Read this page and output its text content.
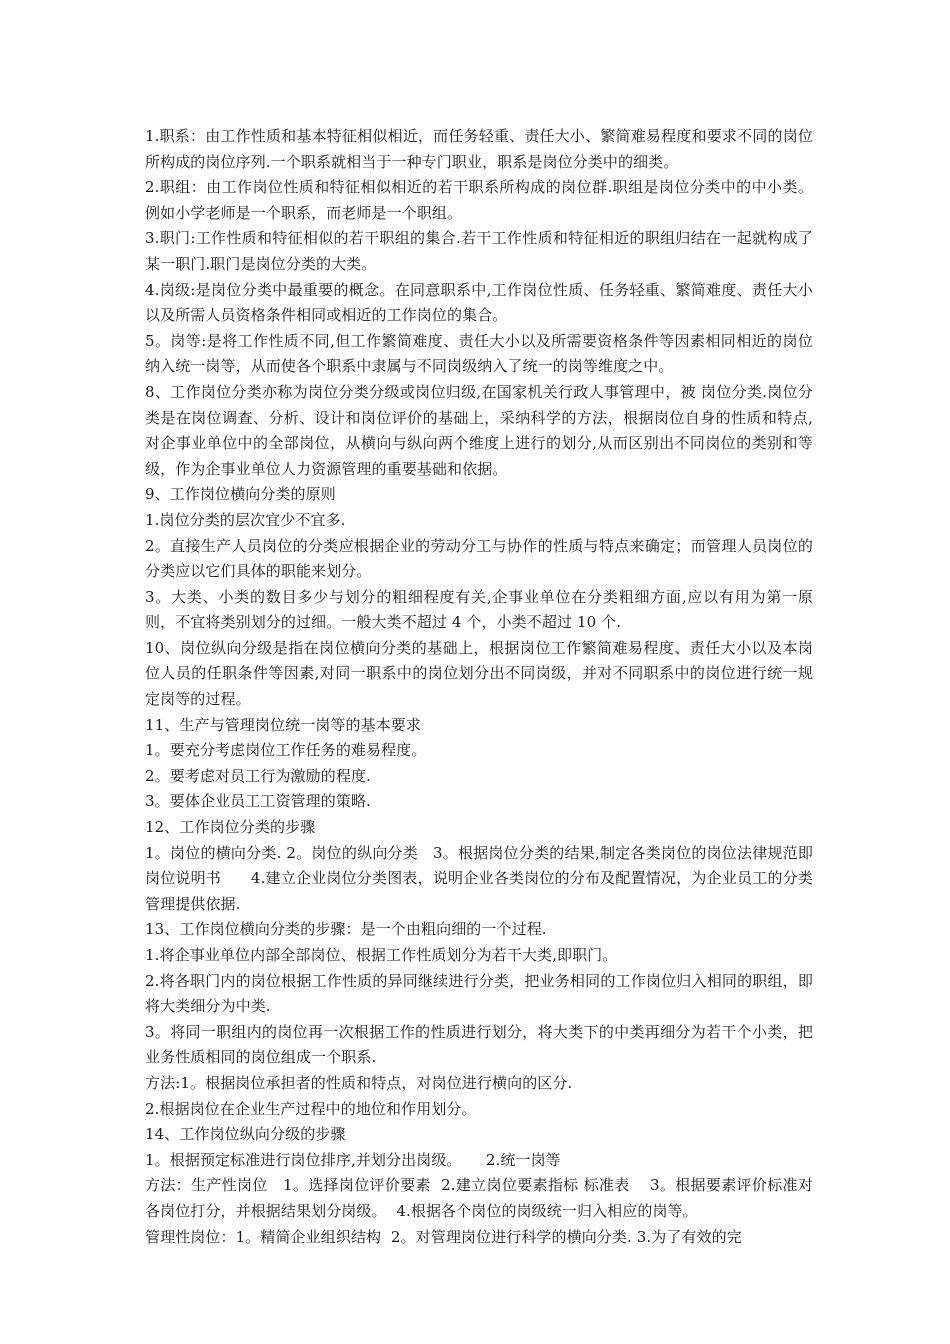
1.职系：由工作性质和基本特征相似相近，而任务轻重、责任大小、繁简难易程度和要求不同的岗位所构成的岗位序列.一个职系就相当于一种专门职业，职系是岗位分类中的细类。

2.职组：由工作岗位性质和特征相似相近的若干职系所构成的岗位群.职组是岗位分类中的中小类。例如小学老师是一个职系，而老师是一个职组。

3.职门:工作性质和特征相似的若干职组的集合.若干工作性质和特征相近的职组归结在一起就构成了某一职门.职门是岗位分类的大类。

4.岗级:是岗位分类中最重要的概念。在同意职系中,工作岗位性质、任务轻重、繁简难度、责任大小以及所需人员资格条件相同或相近的工作岗位的集合。

5。岗等:是将工作性质不同,但工作繁简难度、责任大小以及所需要资格条件等因素相同相近的岗位纳入统一岗等，从而使各个职系中隶属与不同岗级纳入了统一的岗等维度之中。

8、工作岗位分类亦称为岗位分类分级或岗位归级,在国家机关行政人事管理中，被 岗位分类.岗位分类是在岗位调查、分析、设计和岗位评价的基础上，采纳科学的方法，根据岗位自身的性质和特点,对企事业单位中的全部岗位，从横向与纵向两个维度上进行的划分,从而区别出不同岗位的类别和等级，作为企事业单位人力资源管理的重要基础和依据。

9、工作岗位横向分类的原则

1.岗位分类的层次宜少不宜多.

2。直接生产人员岗位的分类应根据企业的劳动分工与协作的性质与特点来确定；而管理人员岗位的分类应以它们具体的职能来划分。

3。大类、小类的数目多少与划分的粗细程度有关,企事业单位在分类粗细方面,应以有用为第一原则，不宜将类别划分的过细。一般大类不超过 4 个，小类不超过 10 个.

10、岗位纵向分级是指在岗位横向分类的基础上，根据岗位工作繁简难易程度、责任大小以及本岗位人员的任职条件等因素,对同一职系中的岗位划分出不同岗级，并对不同职系中的岗位进行统一规定岗等的过程。

11、生产与管理岗位统一岗等的基本要求

1。要充分考虑岗位工作任务的难易程度。

2。要考虑对员工行为激励的程度.

3。要体企业员工工资管理的策略.

12、工作岗位分类的步骤

1。岗位的横向分类. 2。岗位的纵向分类   3。根据岗位分类的结果,制定各类岗位的岗位法律规范即岗位说明书      4.建立企业岗位分类图表，说明企业各类岗位的分布及配置情况，为企业员工的分类管理提供依据.

13、工作岗位横向分类的步骤：是一个由粗向细的一个过程.

1.将企事业单位内部全部岗位、根据工作性质划分为若干大类,即职门。

2.将各职门内的岗位根据工作性质的异同继续进行分类，把业务相同的工作岗位归入相同的职组，即将大类细分为中类.

3。将同一职组内的岗位再一次根据工作的性质进行划分，将大类下的中类再细分为若干个小类，把业务性质相同的岗位组成一个职系.

方法:1。根据岗位承担者的性质和特点，对岗位进行横向的区分.

2.根据岗位在企业生产过程中的地位和作用划分。

14、工作岗位纵向分级的步骤

1。根据预定标准进行岗位排序,并划分出岗级。     2.统一岗等

方法：生产性岗位   1。选择岗位评价要素  2.建立岗位要素指标 标准表    3。根据要素评价标准对各岗位打分，并根据结果划分岗级。  4.根据各个岗位的岗级统一归入相应的岗等。

管理性岗位：1。精简企业组织结构  2。对管理岗位进行科学的横向分类. 3.为了有效的完
